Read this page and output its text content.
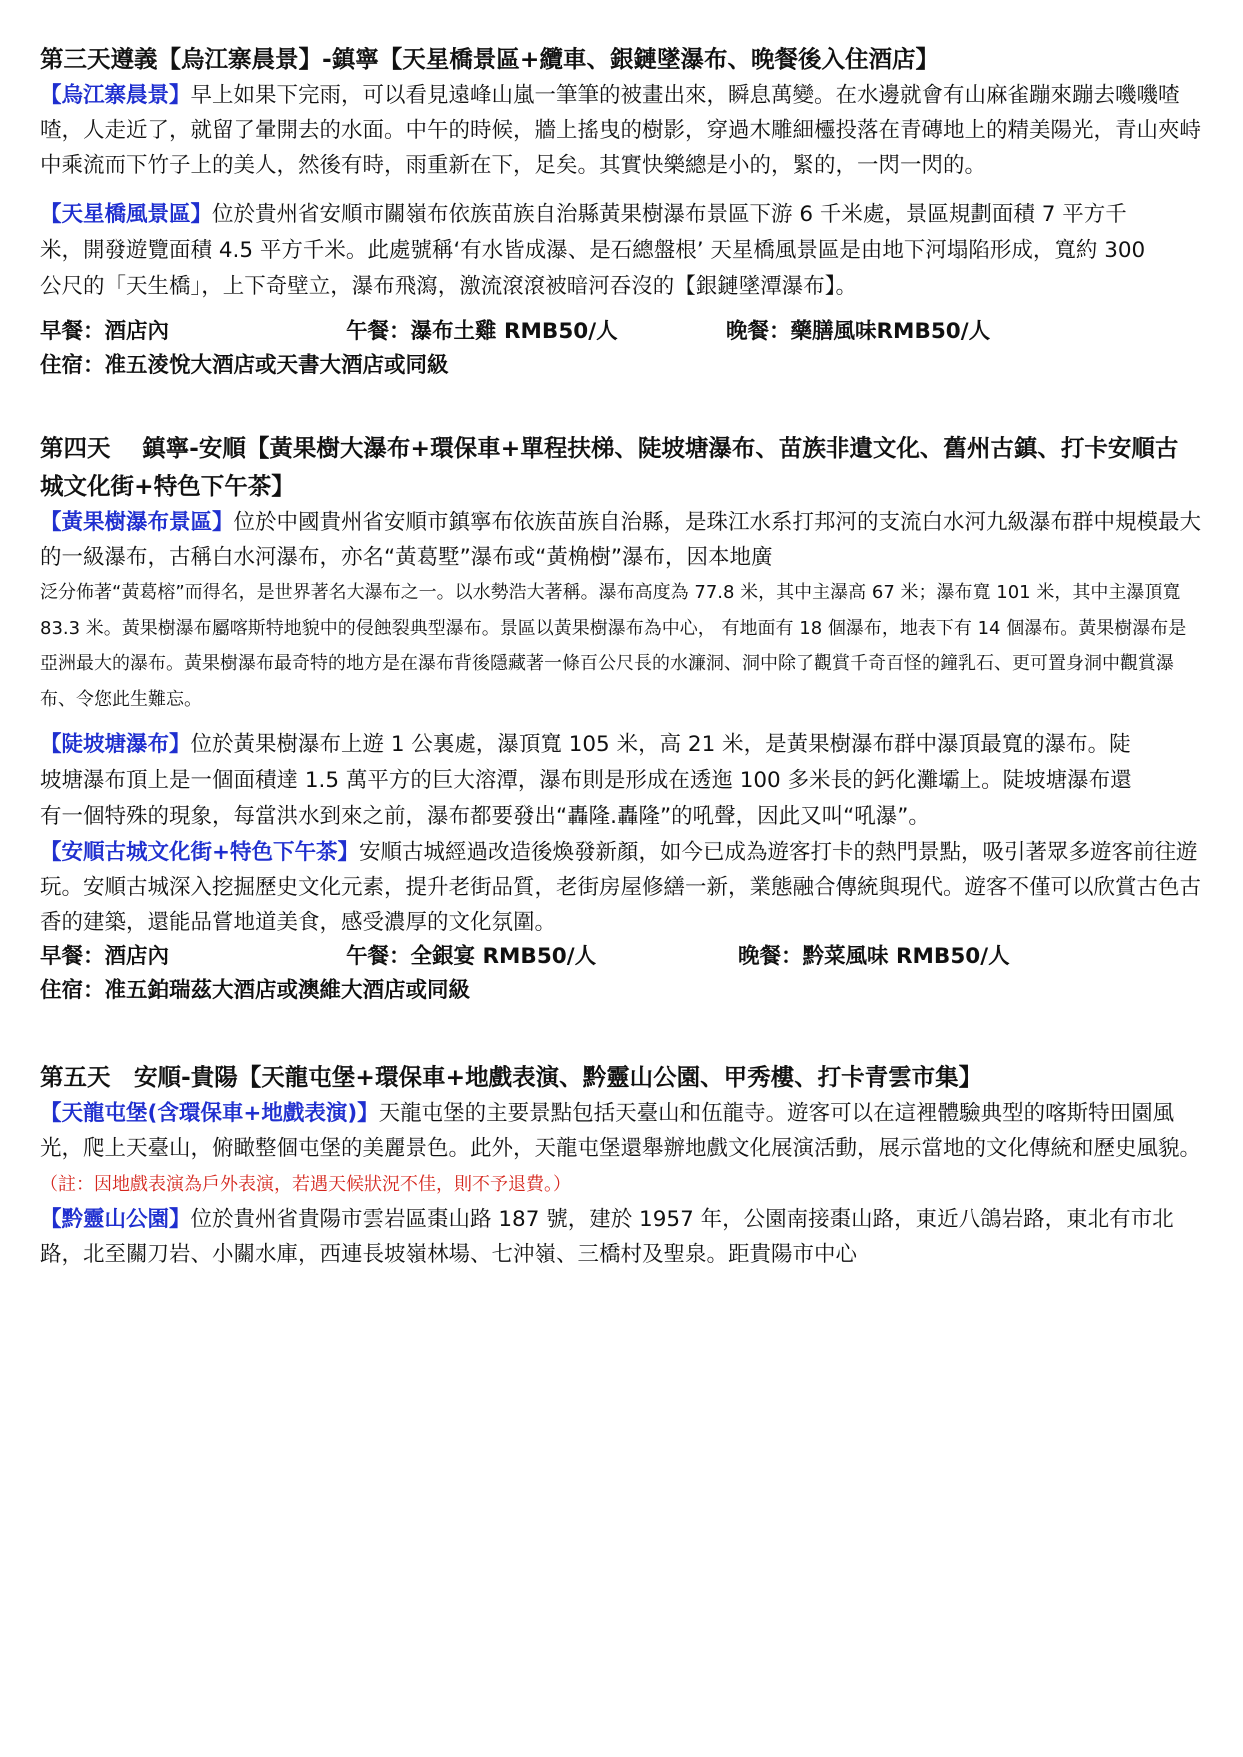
第三天遵義【烏江寨晨景】-鎮寧【天星橋景區+纜車、銀鏈墜瀑布、晚餐後入住酒店】

【烏江寨晨景】早上如果下完雨，可以看見遠峰山嵐一筆筆的被畫出來，瞬息萬變。在水邊就會有山麻雀蹦來蹦去嘰嘰喳喳，人走近了，就留了暈開去的水面。中午的時候，牆上搖曳的樹影，穿過木雕細欞投落在青磚地上的精美陽光，青山夾峙中乘流而下竹子上的美人，然後有時，雨重新在下，足矣。其實快樂總是小的，緊的，一閃一閃的。

【天星橋風景區】位於貴州省安順市關嶺布依族苗族自治縣黃果樹瀑布景區下游 6 千米處，景區規劃面積 7 平方千米，開發遊覽面積 4.5 平方千米。此處號稱‘有水皆成瀑、是石總盤根’ 天星橋風景區是由地下河塌陷形成，寬約 300 公尺的「天生橋」，上下奇壁立，瀑布飛瀉，激流滾滾被暗河吞沒的【銀鏈墜潭瀑布】。

早餐：酒店內	午餐：瀑布土雞 RMB50/人	晚餐：藥膳風味RMB50/人
住宿：准五淩悅大酒店或天書大酒店或同級
第四天　 鎮寧-安順【黃果樹大瀑布+環保車+單程扶梯、陡坡塘瀑布、苗族非遺文化、舊州古鎮、打卡安順古城文化街+特色下午茶】

【黃果樹瀑布景區】位於中國貴州省安順市鎮寧布依族苗族自治縣，是珠江水系打邦河的支流白水河九級瀑布群中規模最大的一級瀑布，古稱白水河瀑布，亦名“黃葛墅”瀑布或“黃桷樹”瀑布，因本地廣

泛分佈著“黃葛榕”而得名，是世界著名大瀑布之一。以水勢浩大著稱。瀑布高度為 77.8 米，其中主瀑高 67 米；瀑布寬 101 米，其中主瀑頂寬 83.3 米。黃果樹瀑布屬喀斯特地貌中的侵蝕裂典型瀑布。景區以黃果樹瀑布為中心， 有地面有 18 個瀑布，地表下有 14 個瀑布。黃果樹瀑布是亞洲最大的瀑布。黃果樹瀑布最奇特的地方是在瀑布背後隱藏著一條百公尺長的水濂洞、洞中除了觀賞千奇百怪的鐘乳石、更可置身洞中觀賞瀑布、令您此生難忘。

【陡坡塘瀑布】位於黃果樹瀑布上遊 1 公裏處，瀑頂寬 105 米，高 21 米，是黃果樹瀑布群中瀑頂最寬的瀑布。陡坡塘瀑布頂上是一個面積達 1.5 萬平方的巨大溶潭，瀑布則是形成在透迤 100 多米長的鈣化灘壩上。陡坡塘瀑布還有一個特殊的現象，每當洪水到來之前，瀑布都要發出“轟隆.轟隆”的吼聲，因此又叫“吼瀑”。

【安順古城文化街+特色下午茶】安順古城經過改造後煥發新顏，如今已成為遊客打卡的熱門景點，吸引著眾多遊客前往遊玩。安順古城深入挖掘歷史文化元素，提升老街品質，老街房屋修繕一新，業態融合傳統與現代。遊客不僅可以欣賞古色古香的建築，還能品嘗地道美食，感受濃厚的文化氛圍。

早餐：酒店內	午餐：全銀宴 RMB50/人	晚餐：黔菜風味 RMB50/人
住宿：准五鉑瑞茲大酒店或澳維大酒店或同級
第五天　安順-貴陽【天龍屯堡+環保車+地戲表演、黔靈山公園、甲秀樓、打卡青雲市集】

【天龍屯堡(含環保車+地戲表演)】天龍屯堡的主要景點包括天臺山和伍龍寺。遊客可以在這裡體驗典型的喀斯特田園風光，爬上天臺山，俯瞰整個屯堡的美麗景色。此外，天龍屯堡還舉辦地戲文化展演活動，展示當地的文化傳統和歷史風貌。（註：因地戲表演為戶外表演，若遇天候狀況不佳，則不予退費。）

【黔靈山公園】位於貴州省貴陽市雲岩區棗山路 187 號，建於 1957 年，公園南接棗山路，東近八鴿岩路，東北有市北路，北至關刀岩、小關水庫，西連長坡嶺林場、七沖嶺、三橋村及聖泉。距貴陽市中心
